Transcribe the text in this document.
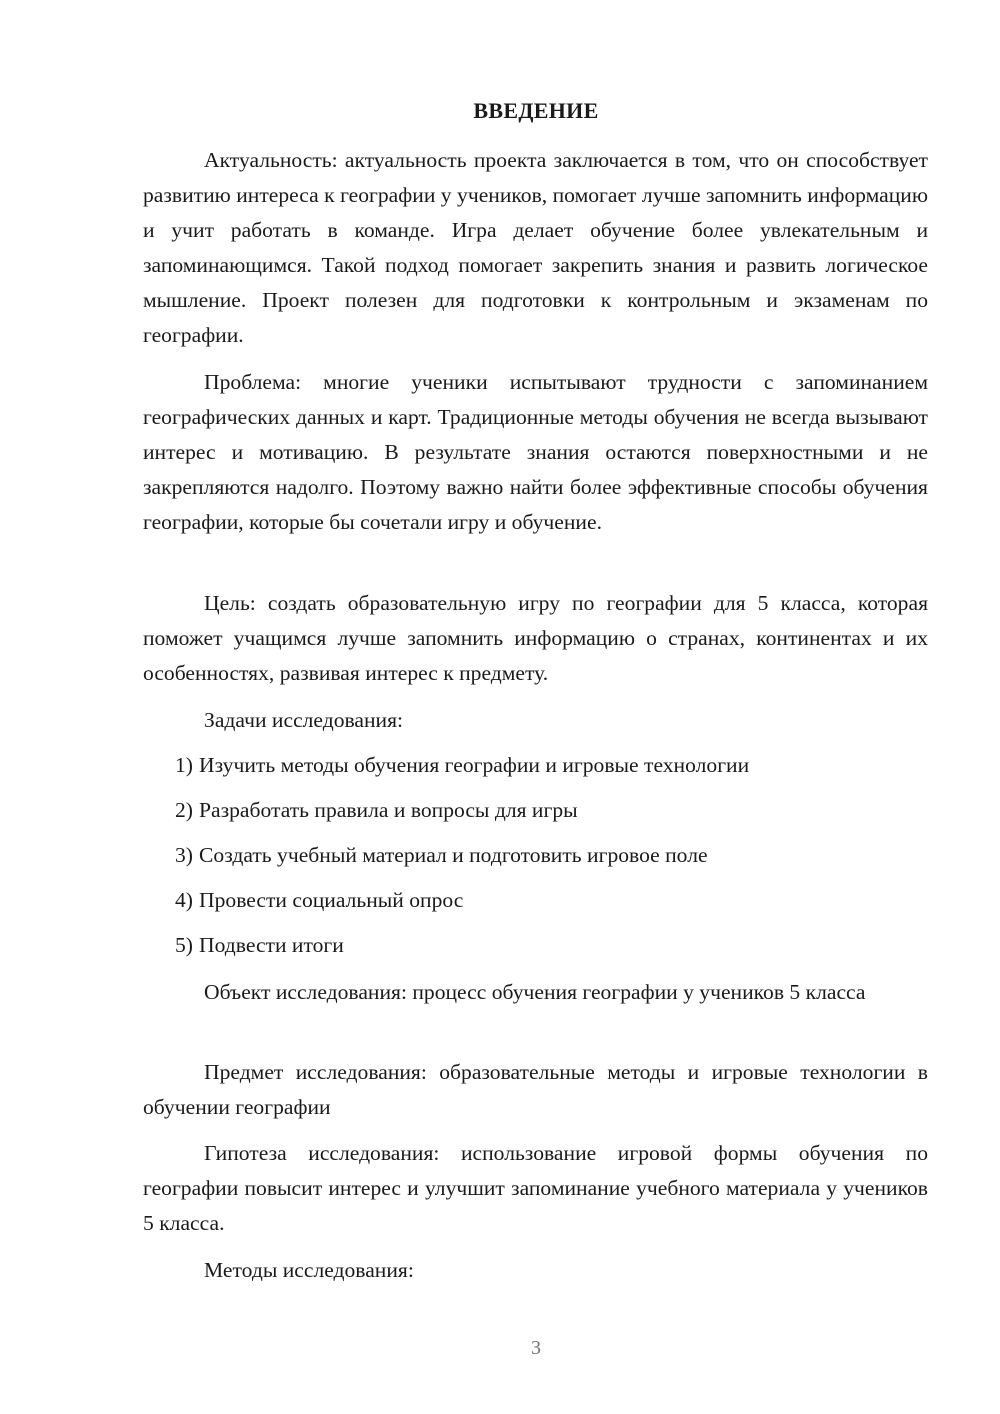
ВВЕДЕНИЕ

Актуальность: актуальность проекта заключается в том, что он способствует развитию интереса к географии у учеников, помогает лучше запомнить информацию и учит работать в команде. Игра делает обучение более увлекательным и запоминающимся. Такой подход помогает закрепить знания и развить логическое мышление. Проект полезен для подготовки к контрольным и экзаменам по географии.

Проблема: многие ученики испытывают трудности с запоминанием географических данных и карт. Традиционные методы обучения не всегда вызывают интерес и мотивацию. В результате знания остаются поверхностными и не закрепляются надолго. Поэтому важно найти более эффективные способы обучения географии, которые бы сочетали игру и обучение.

Цель: создать образовательную игру по географии для 5 класса, которая поможет учащимся лучше запомнить информацию о странах, континентах и их особенностях, развивая интерес к предмету.

Задачи исследования:

1) Изучить методы обучения географии и игровые технологии

2) Разработать правила и вопросы для игры

3) Создать учебный материал и подготовить игровое поле

4) Провести социальный опрос

5) Подвести итоги

Объект исследования: процесс обучения географии у учеников 5 класса

Предмет исследования: образовательные методы и игровые технологии в обучении географии

Гипотеза исследования: использование игровой формы обучения по географии повысит интерес и улучшит запоминание учебного материала у учеников 5 класса.

Методы исследования:

3
